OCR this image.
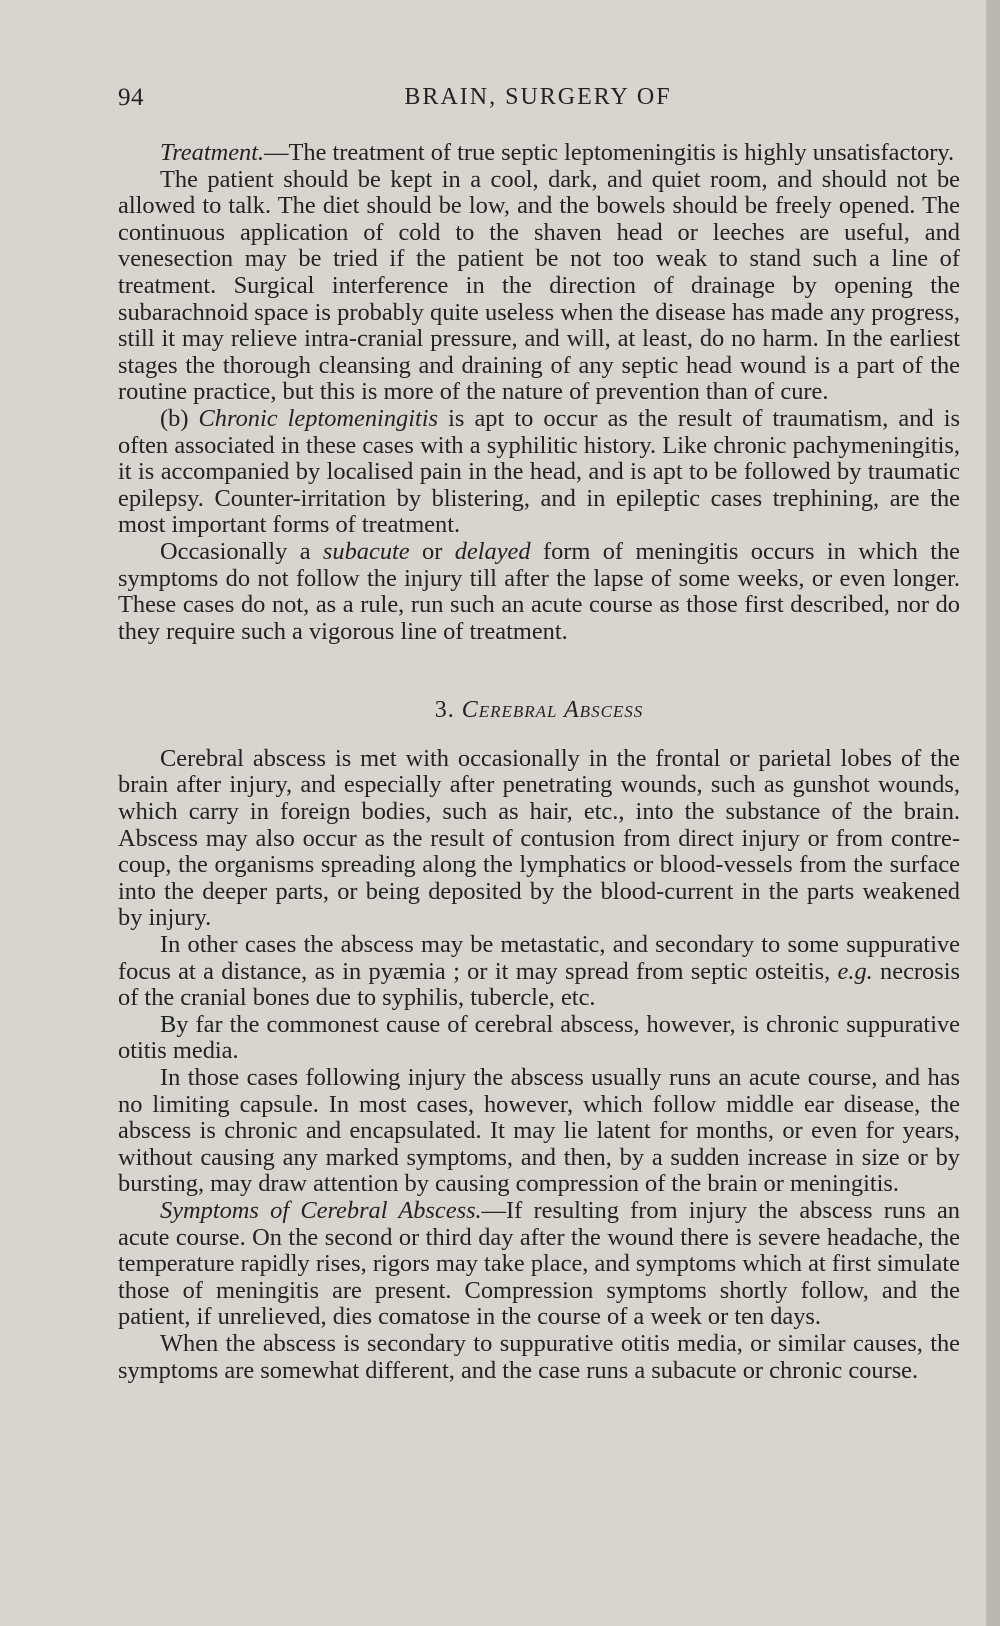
94	BRAIN, SURGERY OF

Treatment.—The treatment of true septic leptomeningitis is highly unsatisfactory.

The patient should be kept in a cool, dark, and quiet room, and should not be allowed to talk. The diet should be low, and the bowels should be freely opened. The continuous application of cold to the shaven head or leeches are useful, and venesection may be tried if the patient be not too weak to stand such a line of treatment. Surgical interference in the direction of drainage by opening the subarachnoid space is probably quite useless when the disease has made any progress, still it may relieve intra-cranial pressure, and will, at least, do no harm. In the earliest stages the thorough cleansing and draining of any septic head wound is a part of the routine practice, but this is more of the nature of prevention than of cure.

(b) Chronic leptomeningitis is apt to occur as the result of traumatism, and is often associated in these cases with a syphilitic history. Like chronic pachymeningitis, it is accompanied by localised pain in the head, and is apt to be followed by traumatic epilepsy. Counter-irritation by blistering, and in epileptic cases trephining, are the most important forms of treatment.

Occasionally a subacute or delayed form of meningitis occurs in which the symptoms do not follow the injury till after the lapse of some weeks, or even longer. These cases do not, as a rule, run such an acute course as those first described, nor do they require such a vigorous line of treatment.

3. Cerebral Abscess

Cerebral abscess is met with occasionally in the frontal or parietal lobes of the brain after injury, and especially after penetrating wounds, such as gunshot wounds, which carry in foreign bodies, such as hair, etc., into the substance of the brain. Abscess may also occur as the result of contusion from direct injury or from contre-coup, the organisms spreading along the lymphatics or blood-vessels from the surface into the deeper parts, or being deposited by the blood-current in the parts weakened by injury.

In other cases the abscess may be metastatic, and secondary to some suppurative focus at a distance, as in pyæmia ; or it may spread from septic osteitis, e.g. necrosis of the cranial bones due to syphilis, tubercle, etc.

By far the commonest cause of cerebral abscess, however, is chronic suppurative otitis media.

In those cases following injury the abscess usually runs an acute course, and has no limiting capsule. In most cases, however, which follow middle ear disease, the abscess is chronic and encapsulated. It may lie latent for months, or even for years, without causing any marked symptoms, and then, by a sudden increase in size or by bursting, may draw attention by causing compression of the brain or meningitis.

Symptoms of Cerebral Abscess.—If resulting from injury the abscess runs an acute course. On the second or third day after the wound there is severe headache, the temperature rapidly rises, rigors may take place, and symptoms which at first simulate those of meningitis are present. Compression symptoms shortly follow, and the patient, if unrelieved, dies comatose in the course of a week or ten days.

When the abscess is secondary to suppurative otitis media, or similar causes, the symptoms are somewhat different, and the case runs a subacute or chronic course.
